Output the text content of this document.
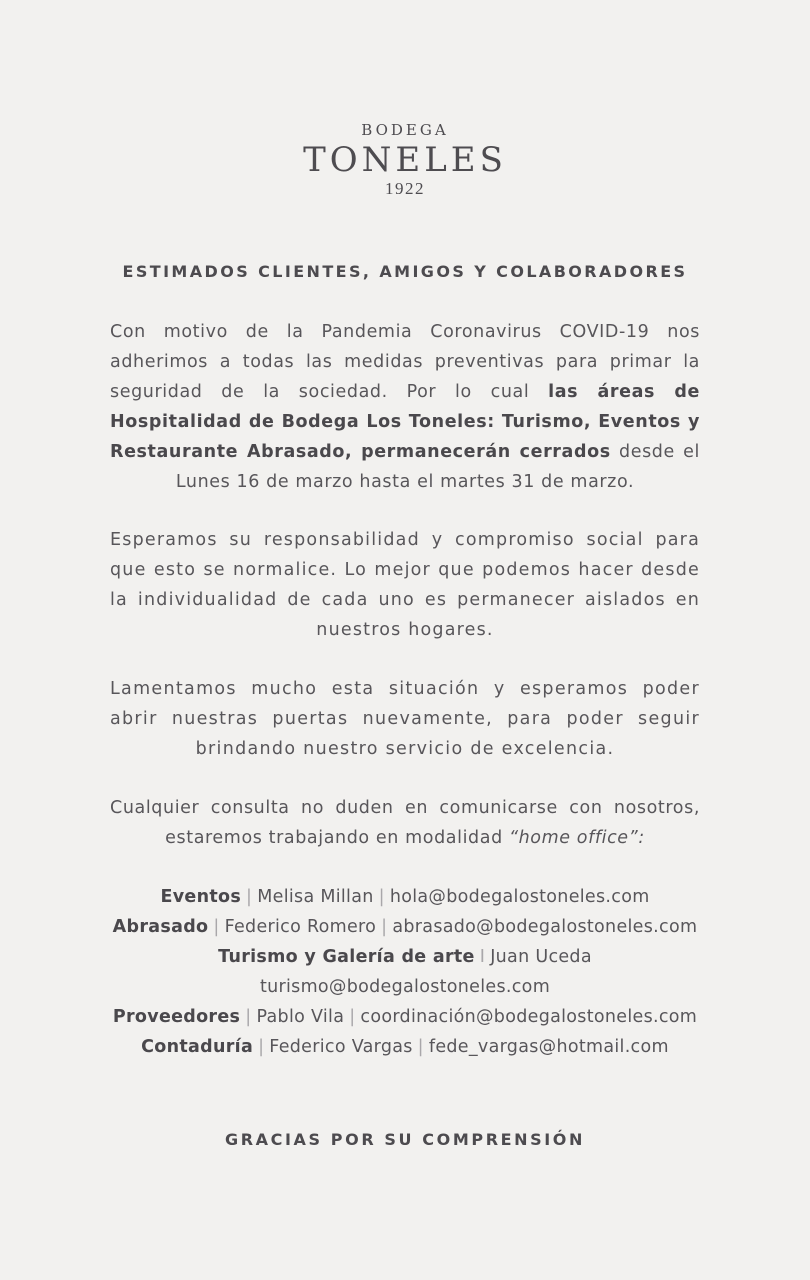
BODEGA
TONELES
1922
ESTIMADOS CLIENTES, AMIGOS Y COLABORADORES
Con motivo de la Pandemia Coronavirus COVID-19 nos adherimos a todas las medidas preventivas para primar la seguridad de la sociedad. Por lo cual las áreas de Hospitalidad de Bodega Los Toneles: Turismo, Eventos y Restaurante Abrasado, permanecerán cerrados desde el Lunes 16 de marzo hasta el martes 31 de marzo.
Esperamos su responsabilidad y compromiso social para que esto se normalice. Lo mejor que podemos hacer desde la individualidad de cada uno es permanecer aislados en nuestros hogares.
Lamentamos mucho esta situación y esperamos poder abrir nuestras puertas nuevamente, para poder seguir brindando nuestro servicio de excelencia.
Cualquier consulta no duden en comunicarse con nosotros, estaremos trabajando en modalidad “home office”:
Eventos | Melisa Millan | hola@bodegalostoneles.com
Abrasado | Federico Romero | abrasado@bodegalostoneles.com
Turismo y Galería de arte I Juan Uceda
turismo@bodegalostoneles.com
Proveedores | Pablo Vila | coordinación@bodegalostoneles.com
Contaduría | Federico Vargas | fede_vargas@hotmail.com
GRACIAS POR SU COMPRENSIÓN
